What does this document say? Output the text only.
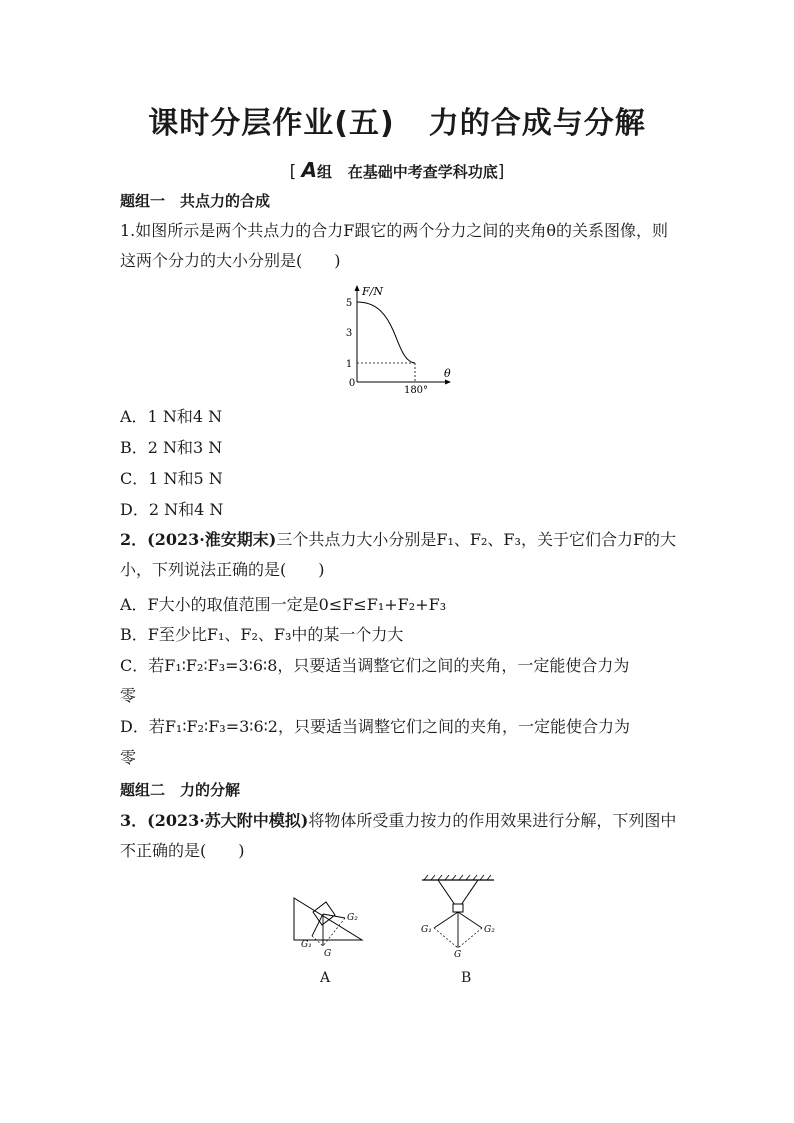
课时分层作业(五) 力的合成与分解
[ A组 在基础中考查学科功底]
题组一　共点力的合成
1.如图所示是两个共点力的合力F跟它的两个分力之间的夹角θ的关系图像，则
这两个分力的大小分别是(　　)
F/N
θ
5
3
1
0
180°
A．1 N和4 N
B．2 N和3 N
C．1 N和5 N
D．2 N和4 N
2．(2023·淮安期末)三个共点力大小分别是F₁、F₂、F₃，关于它们合力F的大
小，下列说法正确的是(　　)
A．F大小的取值范围一定是0≤F≤F₁+F₂+F₃
B．F至少比F₁、F₂、F₃中的某一个力大
C．若F₁∶F₂∶F₃=3∶6∶8，只要适当调整它们之间的夹角，一定能使合力为
零
D．若F₁∶F₂∶F₃=3∶6∶2，只要适当调整它们之间的夹角，一定能使合力为
零
题组二　力的分解
3．(2023·苏大附中模拟)将物体所受重力按力的作用效果进行分解，下列图中
不正确的是(　　)
G₂
G₁
G
A
G₁	G₂
G
B
